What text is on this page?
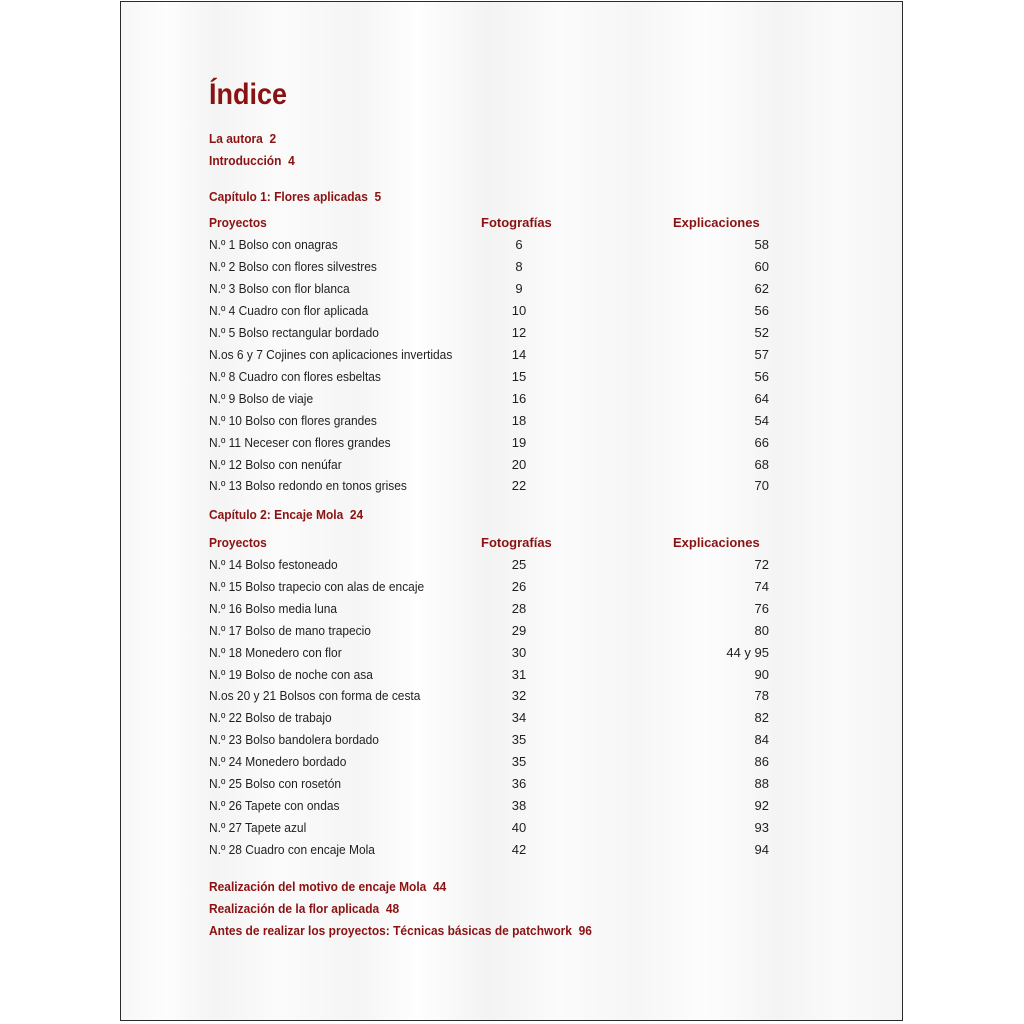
Índice
La autora 2
Introducción 4
Capítulo 1: Flores aplicadas 5
Proyectos	Fotografías	Explicaciones
N.º 1 Bolso con onagras	6	58
N.º 2 Bolso con flores silvestres	8	60
N.º 3 Bolso con flor blanca	9	62
N.º 4 Cuadro con flor aplicada	10	56
N.º 5 Bolso rectangular bordado	12	52
N.os 6 y 7 Cojines con aplicaciones invertidas	14	57
N.º 8 Cuadro con flores esbeltas	15	56
N.º 9 Bolso de viaje	16	64
N.º 10 Bolso con flores grandes	18	54
N.º 11 Neceser con flores grandes	19	66
N.º 12 Bolso con nenúfar	20	68
N.º 13 Bolso redondo en tonos grises	22	70
Capítulo 2: Encaje Mola 24
Proyectos	Fotografías	Explicaciones
N.º 14 Bolso festoneado	25	72
N.º 15 Bolso trapecio con alas de encaje	26	74
N.º 16 Bolso media luna	28	76
N.º 17 Bolso de mano trapecio	29	80
N.º 18 Monedero con flor	30	44 y 95
N.º 19 Bolso de noche con asa	31	90
N.os 20 y 21 Bolsos con forma de cesta	32	78
N.º 22 Bolso de trabajo	34	82
N.º 23 Bolso bandolera bordado	35	84
N.º 24 Monedero bordado	35	86
N.º 25 Bolso con rosetón	36	88
N.º 26 Tapete con ondas	38	92
N.º 27 Tapete azul	40	93
N.º 28 Cuadro con encaje Mola	42	94
Realización del motivo de encaje Mola 44
Realización de la flor aplicada 48
Antes de realizar los proyectos: Técnicas básicas de patchwork 96
